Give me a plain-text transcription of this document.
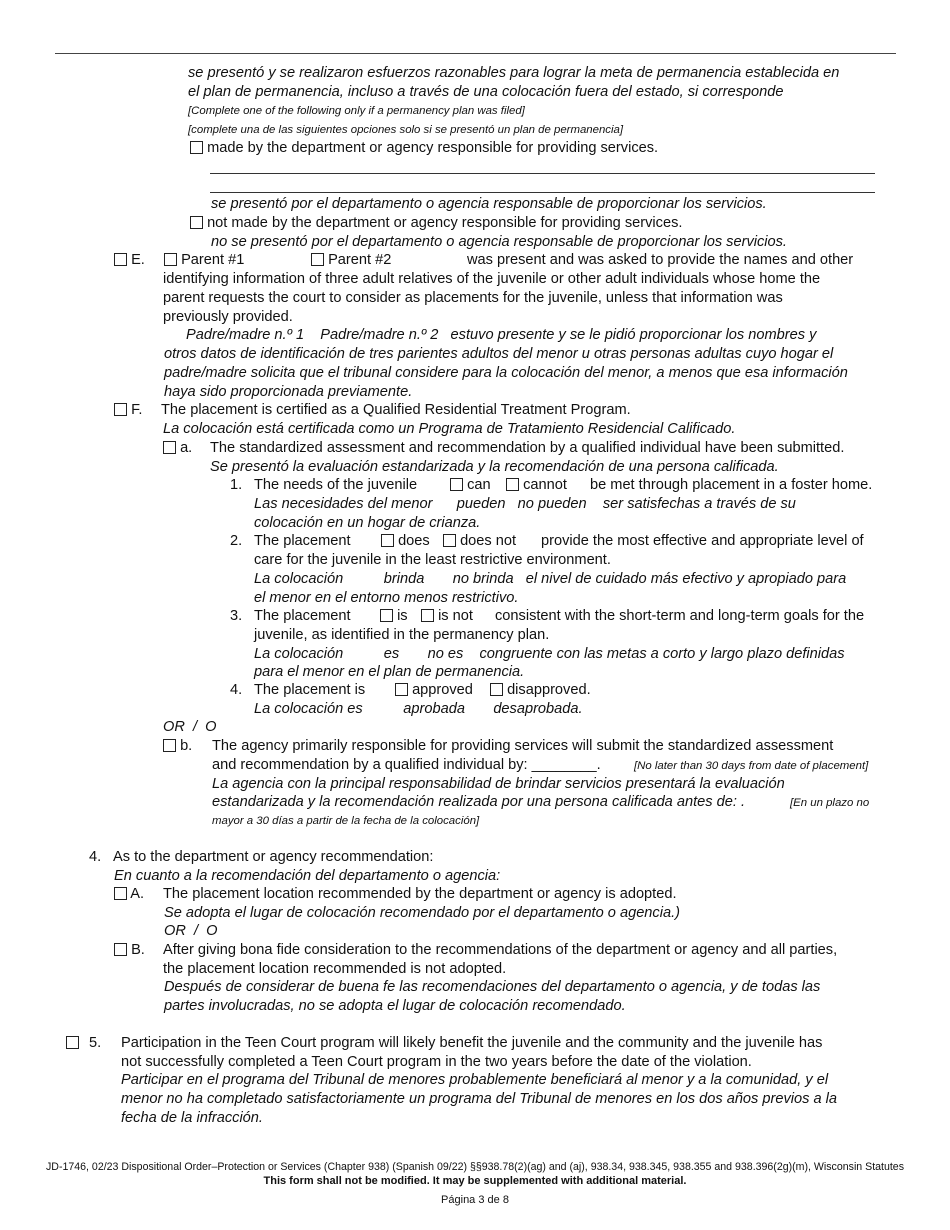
se presentó y se realizaron esfuerzos razonables para lograr la meta de permanencia establecida en
el plan de permanencia, incluso a través de una colocación fuera del estado, si corresponde
[Complete one of the following only if a permanency plan was filed]
[complete una de las siguientes opciones solo si se presentó un plan de permanencia]
made by the department or agency responsible for providing services.
se presentó por el departamento o agencia responsable de proporcionar los servicios.
not made by the department or agency responsible for providing services.
no se presentó por el departamento o agencia responsable de proporcionar los servicios.
E.	Parent #1	Parent #2	was present and was asked to provide the names and other
identifying information of three adult relatives of the juvenile or other adult individuals whose home the
parent requests the court to consider as placements for the juvenile, unless that information was
previously provided.
Padre/madre n.º 1    Padre/madre n.º 2   estuvo presente y se le pidió proporcionar los nombres y
otros datos de identificación de tres parientes adultos del menor u otras personas adultas cuyo hogar el
padre/madre solicita que el tribunal considere para la colocación del menor, a menos que esa información
haya sido proporcionada previamente.
F. The placement is certified as a Qualified Residential Treatment Program.
La colocación está certificada como un Programa de Tratamiento Residencial Calificado.
a. The standardized assessment and recommendation by a qualified individual have been submitted.
Se presentó la evaluación estandarizada y la recomendación de una persona calificada.
1. The needs of the juvenile	can	cannot be met through placement in a foster home.
Las necesidades del menor      pueden   no pueden    ser satisfechas a través de su
colocación en un hogar de crianza.
2. The placement	does	does not provide the most effective and appropriate level of
care for the juvenile in the least restrictive environment.
La colocación          brinda       no brinda   el nivel de cuidado más efectivo y apropiado para
el menor en el entorno menos restrictivo.
3. The placement	is	is not consistent with the short-term and long-term goals for the
juvenile, as identified in the permanency plan.
La colocación          es       no es    congruente con las metas a corto y largo plazo definidas
para el menor en el plan de permanencia.
4. The placement is	approved	disapproved.
La colocación es          aprobada       desaprobada.
OR  /  O
b. The agency primarily responsible for providing services will submit the standardized assessment
and recommendation by a qualified individual by: ________.	[No later than 30 days from date of placement]
La agencia con la principal responsabilidad de brindar servicios presentará la evaluación
estandarizada y la recomendación realizada por una persona calificada antes de: .	[En un plazo no
mayor a 30 días a partir de la fecha de la colocación]
4. As to the department or agency recommendation:
En cuanto a la recomendación del departamento o agencia:
A. The placement location recommended by the department or agency is adopted.
Se adopta el lugar de colocación recomendado por el departamento o agencia.)
OR  /  O
B. After giving bona fide consideration to the recommendations of the department or agency and all parties,
the placement location recommended is not adopted.
Después de considerar de buena fe las recomendaciones del departamento o agencia, y de todas las
partes involucradas, no se adopta el lugar de colocación recomendado.
5. Participation in the Teen Court program will likely benefit the juvenile and the community and the juvenile has
not successfully completed a Teen Court program in the two years before the date of the violation.
Participar en el programa del Tribunal de menores probablemente beneficiará al menor y a la comunidad, y el
menor no ha completado satisfactoriamente un programa del Tribunal de menores en los dos años previos a la
fecha de la infracción.
JD-1746, 02/23 Dispositional Order–Protection or Services (Chapter 938) (Spanish 09/22) §§938.78(2)(ag) and (aj), 938.34, 938.345, 938.355 and 938.396(2g)(m), Wisconsin Statutes
This form shall not be modified. It may be supplemented with additional material.
Página 3 de 8
